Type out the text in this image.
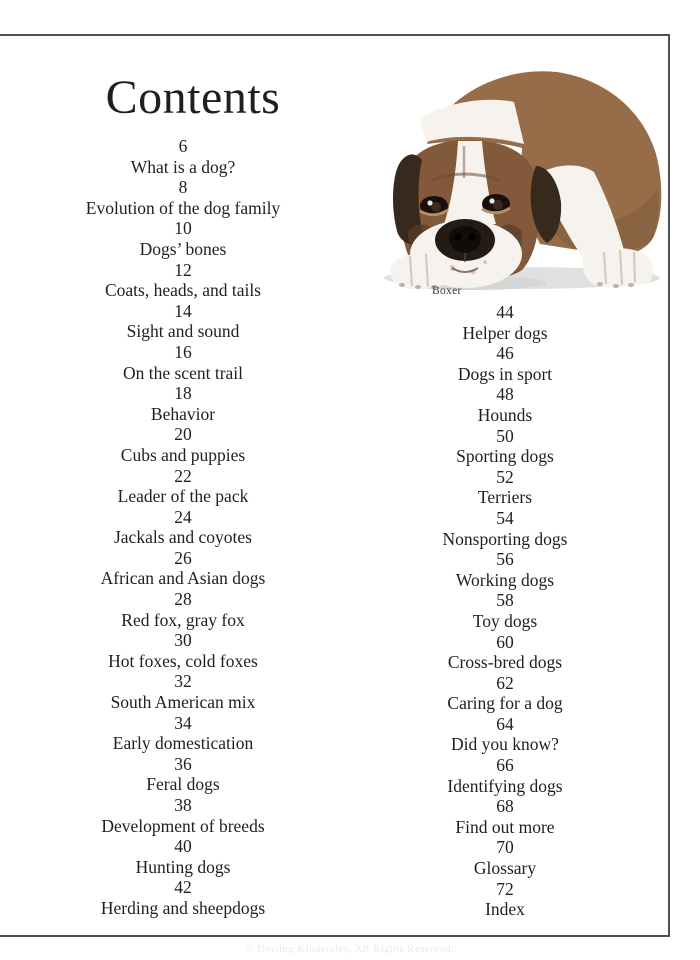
Contents
Boxer
6
What is a dog?
8
Evolution of the dog family
10
Dogs’ bones
12
Coats, heads, and tails
14
Sight and sound
16
On the scent trail
18
Behavior
20
Cubs and puppies
22
Leader of the pack
24
Jackals and coyotes
26
African and Asian dogs
28
Red fox, gray fox
30
Hot foxes, cold foxes
32
South American mix
34
Early domestication
36
Feral dogs
38
Development of breeds
40
Hunting dogs
42
Herding and sheepdogs
44
Helper dogs
46
Dogs in sport
48
Hounds
50
Sporting dogs
52
Terriers
54
Nonsporting dogs
56
Working dogs
58
Toy dogs
60
Cross-bred dogs
62
Caring for a dog
64
Did you know?
66
Identifying dogs
68
Find out more
70
Glossary
72
Index
© Dorling Kindersley. All Rights Reserved.
